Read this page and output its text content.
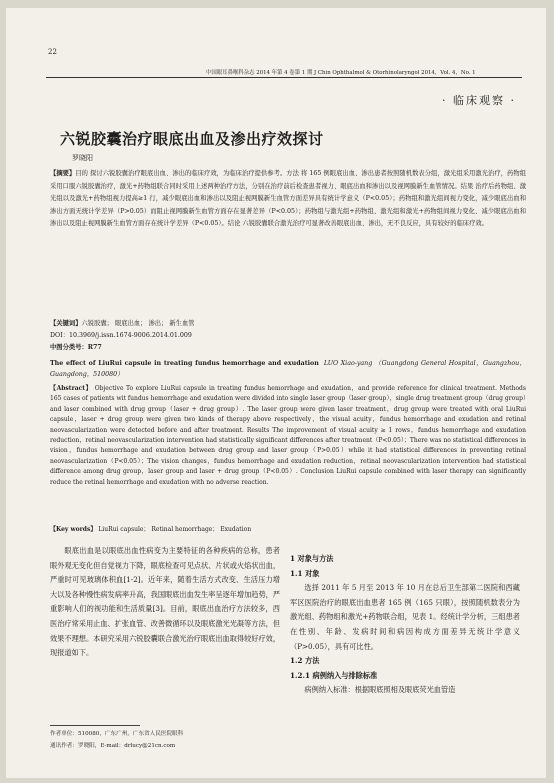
22
中国眼耳鼻喉科杂志 2014 年第 4 卷第 1 期 J Chin Ophthalmol & Otorhinolaryngol 2014，Vol. 4，No. 1
· 临床观察 ·
六锐胶囊治疗眼底出血及渗出疗效探讨
罗晓阳

【摘要】目的 探讨六锐胶囊治疗眼底出血、渗出的临床疗效，为临床治疗提供参考。方法 将 165 例眼底出血、渗出患者按照随机数表分组，激光组采用激光治疗，药物组采用口服六锐胶囊治疗，激光+药物组联合同时采用上述两种治疗方法，分别在治疗前后检查患者视力、眼底出血和渗出以及视网膜新生血管情况。结果 治疗后药物组、激光组以及激光+药物组视力提高≥1 行，减少眼底出血和渗出以及阻止视网膜新生血管方面差异具有统计学意义（P<0.05）；药物组和激光组间视力变化，减少眼底出血和渗出方面无统计学差异（P>0.05）而阻止视网膜新生血管方面存在显著差异（P<0.05）；药物组与激光组+药物组、激光组和激光+药物组间视力变化、减少眼底出血和渗出以及阻止视网膜新生血管方面存在统计学差异（P<0.05）。结论 六锐胶囊联合激光治疗可显著改善眼底出血、渗出，无不良反应，具有较好的临床疗效。

【关键词】六锐胶囊； 眼底出血； 渗出； 新生血管

DOI：10.3969/j.issn.1674-9006.2014.01.009

中图分类号：R77

The effect of LiuRui capsule in treating fundus hemorrhage and exudation LUO Xiao-yang （Guangdong General Hospital，Guangzhou，Guangdong，510080）

【Abstract】 Objective To explore LiuRui capsule in treating fundus hemorrhage and exudation，and provide reference for clinical treatment. Methods 165 cases of patients wit fundus hemorrhage and exudation were divided into single laser group（laser group），single drug treatment group（drug group）and laser combined with drug group（laser + drug group）. The laser group were given laser treatment，drug group were treated with oral LiuRui capsule，laser + drug group were given two kinds of therapy above respectively，the visual acuity，fundus hemorrhage and exudation and retinal neovascularization were detected before and after treatment. Results The improvement of visual acuity ≥ 1 rows，fundus hemorrhage and exudation reduction，retinal neovascularization intervention had statistically significant differences after treatment（P<0.05）；There was no statistical differences in vision，fundus hemorrhage and exudation between drug group and laser group（P>0.05）while it had statistical differences in preventing retinal neovascularization（P<0.05）；The vision changes，fundus hemorrhage and exudation reduction，retinal neovascularization intervention had statistical difference among drug group，laser group and laser + drug group（P<0.05）. Conclusion LiuRui capsule combined with laser therapy can significantly reduce the retinal hemorrhage and exudation with no adverse reaction.

【Key words】 LiuRui capsule； Retinal hemorrhage； Exudation

眼底出血是以眼底出血性病变为主要特征的各种疾病的总称，患者眼外观无变化但自觉视力下降，眼底检查可见点状、片状或火焰状出血，严重时可见玻璃体积血[1-2]。近年来，随着生活方式改变、生活压力增大以及各种慢性病发病率升高，我国眼底出血发生率呈逐年增加趋势，严重影响人们的视功能和生活质量[3]。目前，眼底出血治疗方法较多，西医治疗常采用止血、扩张血管、改善微循环以及眼底激光光凝等方法，但效果不理想。本研究采用六锐胶囊联合激光治疗眼底出血取得较好疗效，现报道如下。

1 对象与方法

1.1 对象

选择 2011 年 5 月至 2013 年 10 月在总后卫生部第二医院和西藏军区医院治疗的眼底出血患者 165 例（165 只眼），按照随机数表分为激光组、药物组和激光+药物联合组，见表 1。经统计学分析，三组患者在性别、年龄、发病时间和病因构成方面差异无统计学意义（P>0.05），具有可比性。

1.2 方法

1.2.1 病例纳入与排除标准

病例纳入标准：根据眼底照相及眼底荧光血管造

作者单位：510080，广东广州，广东省人民医院眼科
通讯作者：罗晓阳，E-mail：drlucy@21cn.com
